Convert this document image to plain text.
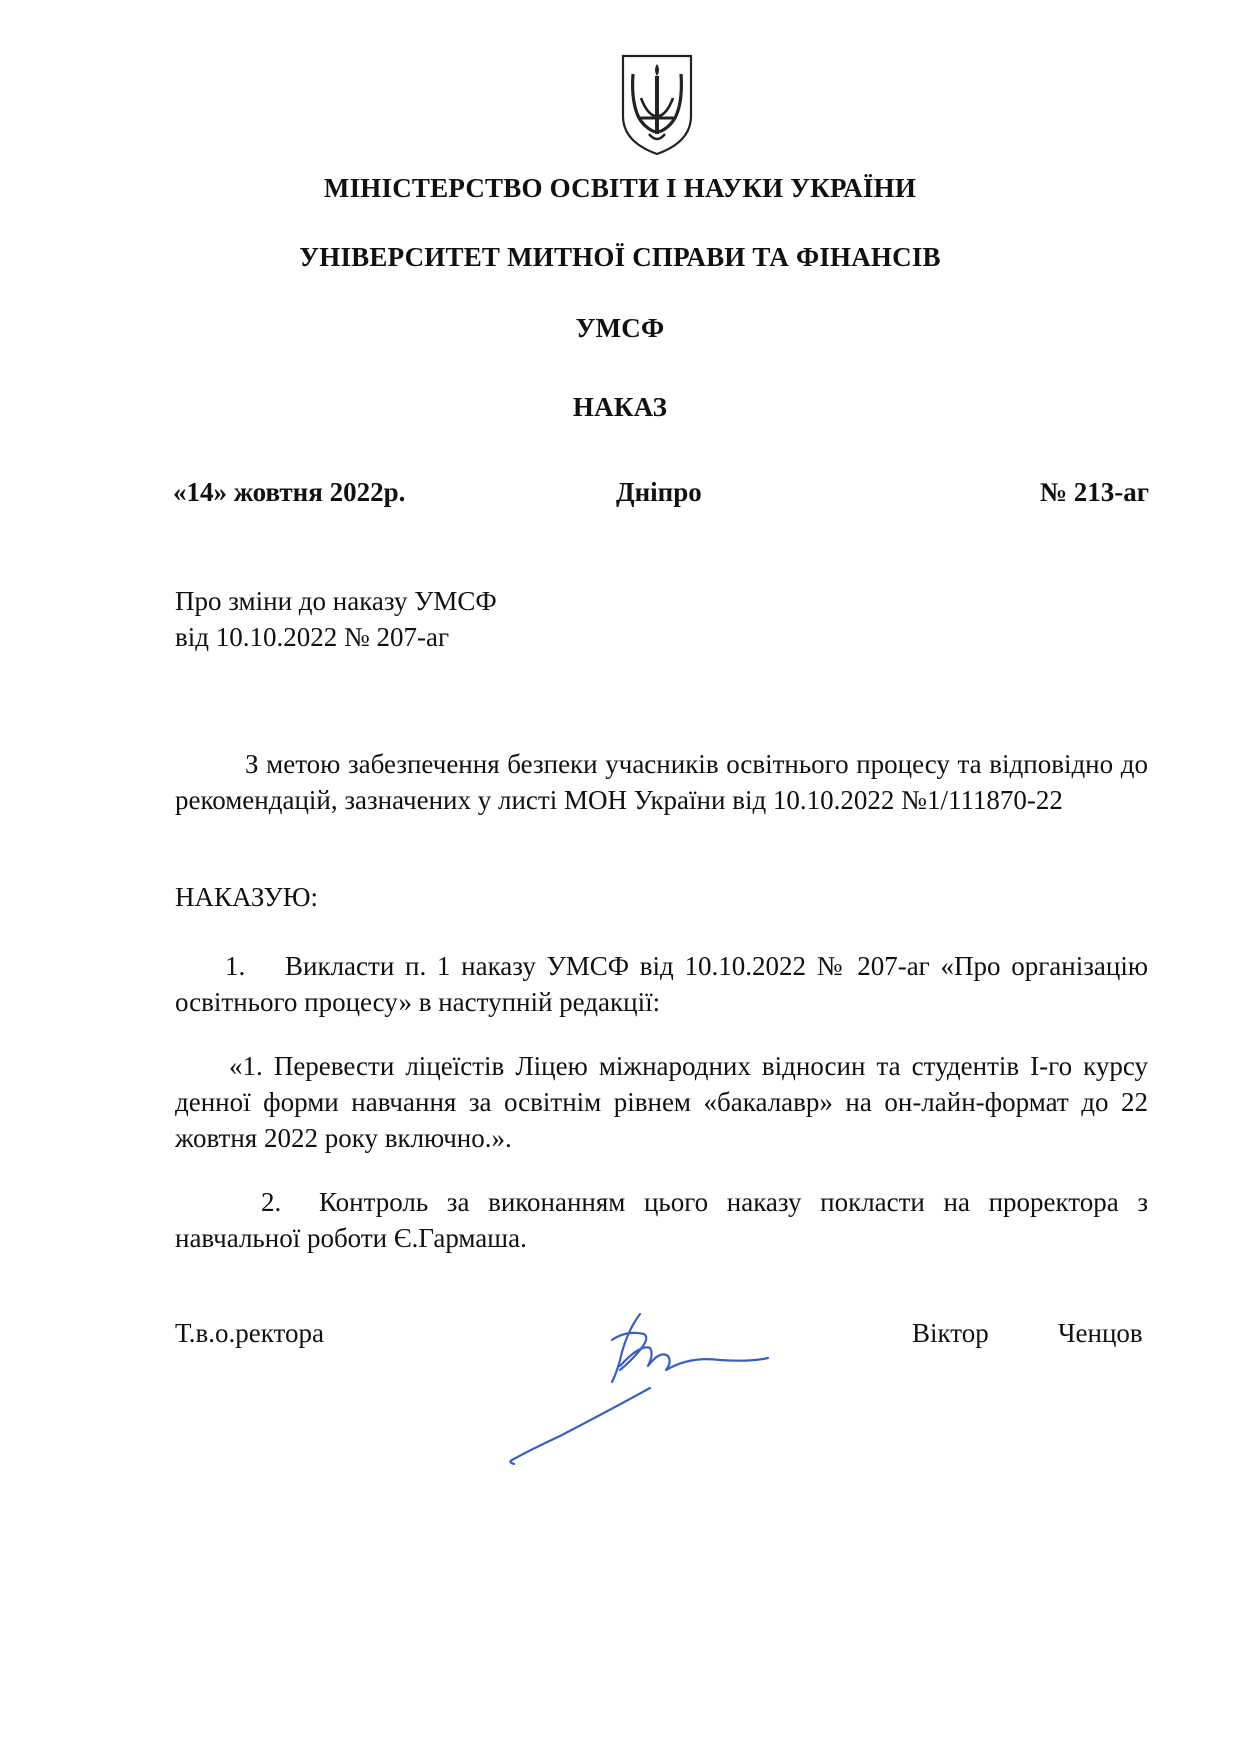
МІНІСТЕРСТВО ОСВІТИ І НАУКИ УКРАЇНИ
УНІВЕРСИТЕТ МИТНОЇ СПРАВИ ТА ФІНАНСІВ
УМСФ
НАКАЗ
«14» жовтня 2022р.	Дніпро	№ 213-аг
Про зміни до наказу УМСФ
від 10.10.2022 № 207-аг
З метою забезпечення безпеки учасників освітнього процесу та відповідно до рекомендацій, зазначених у листі МОН України від 10.10.2022 №1/111870-22
НАКАЗУЮ:
1. Викласти п. 1 наказу УМСФ від 10.10.2022 № 207-аг «Про організацію освітнього процесу» в наступній редакції:
«1. Перевести ліцеїстів Ліцею міжнародних відносин та студентів І-го курсу денної форми навчання за освітнім рівнем «бакалавр» на он-лайн-формат до 22 жовтня 2022 року включно.».
2. Контроль за виконанням цього наказу покласти на проректора з навчальної роботи Є.Гармаша.
Т.в.о.ректора	Віктор	Ченцов
